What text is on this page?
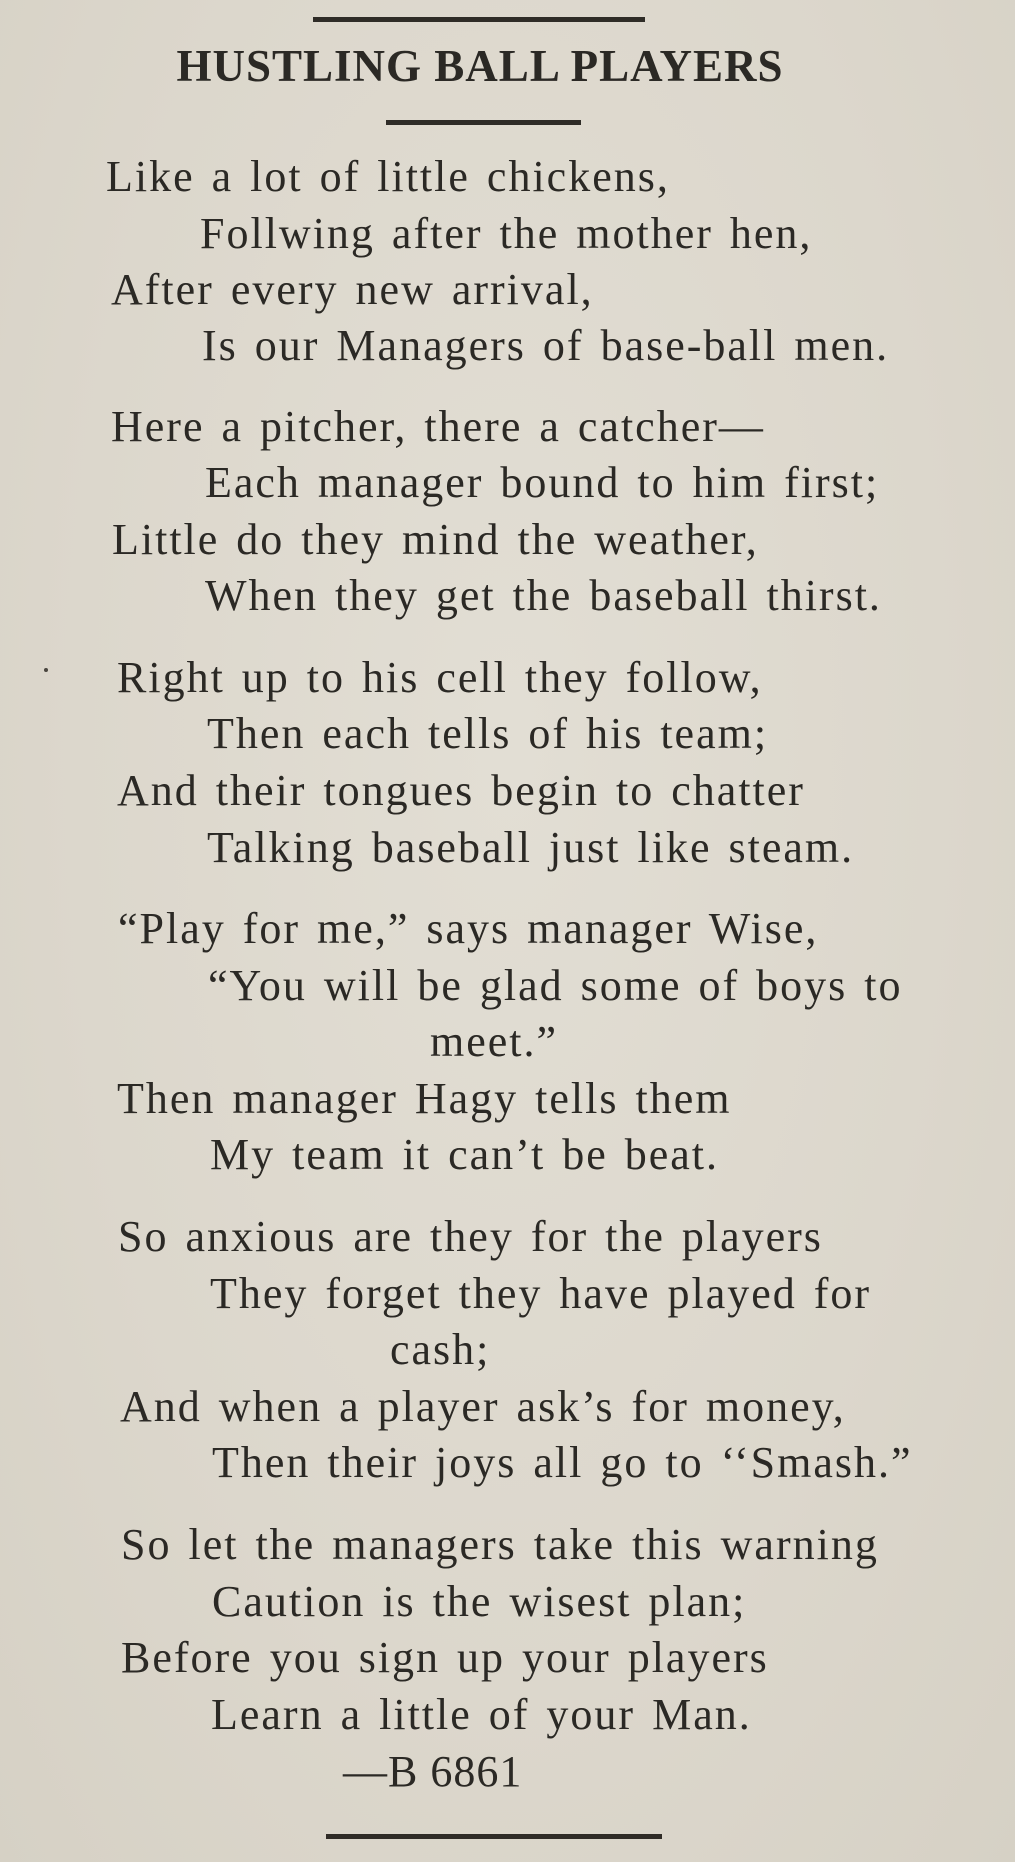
HUSTLING BALL PLAYERS
Like a lot of little chickens,
Follwing after the mother hen,
After every new arrival,
Is our Managers of base-ball men.
Here a pitcher, there a catcher—
Each manager bound to him first;
Little do they mind the weather,
When they get the baseball thirst.
Right up to his cell they follow,
Then each tells of his team;
And their tongues begin to chatter
Talking baseball just like steam.
“Play for me,” says manager Wise,
“You will be glad some of boys to
meet.”
Then manager Hagy tells them
My team it can’t be beat.
So anxious are they for the players
They forget they have played for
cash;
And when a player ask’s for money,
Then their joys all go to ‘‘Smash.”
So let the managers take this warning
Caution is the wisest plan;
Before you sign up your players
Learn a little of your Man.
—B 6861
